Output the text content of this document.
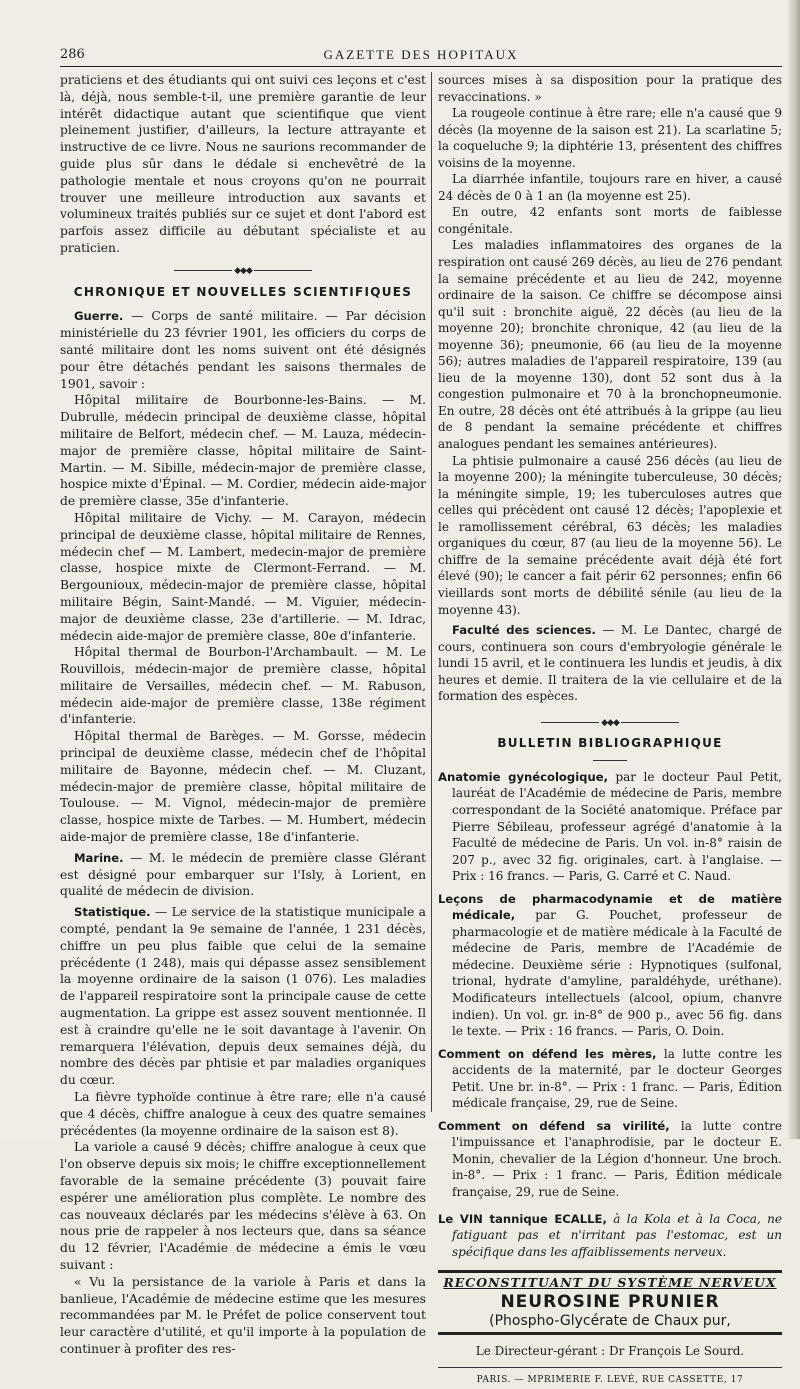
286	GAZETTE DES HOPITAUX

praticiens et des étudiants qui ont suivi ces leçons et c'est là, déjà, nous semble-t-il, une première garantie de leur intérêt didactique autant que scientifique que vient pleinement justifier, d'ailleurs, la lecture attrayante et instructive de ce livre. Nous ne saurions recommander de guide plus sûr dans le dédale si enchevêtré de la pathologie mentale et nous croyons qu'on ne pourrait trouver une meilleure introduction aux savants et volumineux traités publiés sur ce sujet et dont l'abord est parfois assez difficile au débutant spécialiste et au praticien.

◆◆◆
CHRONIQUE ET NOUVELLES SCIENTIFIQUES

Guerre. — Corps de santé militaire. — Par décision ministérielle du 23 février 1901, les officiers du corps de santé militaire dont les noms suivent ont été désignés pour être détachés pendant les saisons thermales de 1901, savoir :

Hôpital militaire de Bourbonne-les-Bains. — M. Dubrulle, médecin principal de deuxième classe, hôpital militaire de Belfort, médecin chef. — M. Lauza, médecin-major de première classe, hôpital militaire de Saint-Martin. — M. Sibille, médecin-major de première classe, hospice mixte d'Épinal. — M. Cordier, médecin aide-major de première classe, 35e d'infanterie.

Hôpital militaire de Vichy. — M. Carayon, médecin principal de deuxième classe, hôpital militaire de Rennes, médecin chef — M. Lambert, medecin-major de première classe, hospice mixte de Clermont-Ferrand. — M. Bergounioux, médecin-major de première classe, hôpital militaire Bégin, Saint-Mandé. — M. Viguier, médecin-major de deuxième classe, 23e d'artillerie. — M. Idrac, médecin aide-major de première classe, 80e d'infanterie.

Hôpital thermal de Bourbon-l'Archambault. — M. Le Rouvillois, médecin-major de première classe, hôpital militaire de Versailles, médecin chef. — M. Rabuson, médecin aide-major de première classe, 138e régiment d'infanterie.

Hôpital thermal de Barèges. — M. Gorsse, médecin principal de deuxième classe, médecin chef de l'hôpital militaire de Bayonne, médecin chef. — M. Cluzant, médecin-major de première classe, hôpital militaire de Toulouse. — M. Vignol, médecin-major de première classe, hospice mixte de Tarbes. — M. Humbert, médecin aide-major de première classe, 18e d'infanterie.

Marine. — M. le médecin de première classe Glérant est désigné pour embarquer sur l'Isly, à Lorient, en qualité de médecin de division.

Statistique. — Le service de la statistique municipale a compté, pendant la 9e semaine de l'année, 1 231 décès, chiffre un peu plus faible que celui de la semaine précédente (1 248), mais qui dépasse assez sensiblement la moyenne ordinaire de la saison (1 076). Les maladies de l'appareil respiratoire sont la principale cause de cette augmentation. La grippe est assez souvent mentionnée. Il est à craindre qu'elle ne le soit davantage à l'avenir. On remarquera l'élévation, depuis deux semaines déjà, du nombre des décès par phtisie et par maladies organiques du cœur.

La fièvre typhoïde continue à être rare; elle n'a causé que 4 décès, chiffre analogue à ceux des quatre semaines précédentes (la moyenne ordinaire de la saison est 8).

La variole a causé 9 décès; chiffre analogue à ceux que l'on observe depuis six mois; le chiffre exceptionnellement favorable de la semaine précédente (3) pouvait faire espérer une amélioration plus complète. Le nombre des cas nouveaux déclarés par les médecins s'élève à 63. On nous prie de rappeler à nos lecteurs que, dans sa séance du 12 février, l'Académie de médecine a émis le vœu suivant :

« Vu la persistance de la variole à Paris et dans la banlieue, l'Académie de médecine estime que les mesures recommandées par M. le Préfet de police conservent tout leur caractère d'utilité, et qu'il importe à la population de continuer à profiter des res-

sources mises à sa disposition pour la pratique des revaccinations. »

La rougeole continue à être rare; elle n'a causé que 9 décès (la moyenne de la saison est 21). La scarlatine 5; la coqueluche 9; la diphtérie 13, présentent des chiffres voisins de la moyenne.

La diarrhée infantile, toujours rare en hiver, a causé 24 décès de 0 à 1 an (la moyenne est 25).

En outre, 42 enfants sont morts de faiblesse congénitale.

Les maladies inflammatoires des organes de la respiration ont causé 269 décès, au lieu de 276 pendant la semaine précédente et au lieu de 242, moyenne ordinaire de la saison. Ce chiffre se décompose ainsi qu'il suit : bronchite aiguë, 22 décès (au lieu de la moyenne 20); bronchite chronique, 42 (au lieu de la moyenne 36); pneumonie, 66 (au lieu de la moyenne 56); autres maladies de l'appareil respiratoire, 139 (au lieu de la moyenne 130), dont 52 sont dus à la congestion pulmonaire et 70 à la bronchopneumonie. En outre, 28 décès ont été attribués à la grippe (au lieu de 8 pendant la semaine précédente et chiffres analogues pendant les semaines antérieures).

La phtisie pulmonaire a causé 256 décès (au lieu de la moyenne 200); la méningite tuberculeuse, 30 décès; la méningite simple, 19; les tuberculoses autres que celles qui précèdent ont causé 12 décès; l'apoplexie et le ramollissement cérébral, 63 décès; les maladies organiques du cœur, 87 (au lieu de la moyenne 56). Le chiffre de la semaine précédente avait déjà été fort élevé (90); le cancer a fait périr 62 personnes; enfin 66 vieillards sont morts de débilité sénile (au lieu de la moyenne 43).

Faculté des sciences. — M. Le Dantec, chargé de cours, continuera son cours d'embryologie générale le lundi 15 avril, et le continuera les lundis et jeudis, à dix heures et demie. Il traitera de la vie cellulaire et de la formation des espèces.

◆◆◆
BULLETIN BIBLIOGRAPHIQUE

Anatomie gynécologique, par le docteur Paul Petit, lauréat de l'Académie de médecine de Paris, membre correspondant de la Société anatomique. Préface par Pierre Sébileau, professeur agrégé d'anatomie à la Faculté de médecine de Paris. Un vol. in-8° raisin de 207 p., avec 32 fig. originales, cart. à l'anglaise. — Prix : 16 francs. — Paris, G. Carré et C. Naud.

Leçons de pharmacodynamie et de matière médicale, par G. Pouchet, professeur de pharmacologie et de matière médicale à la Faculté de médecine de Paris, membre de l'Académie de médecine. Deuxième série : Hypnotiques (sulfonal, trional, hydrate d'amyline, paraldéhyde, uréthane). Modificateurs intellectuels (alcool, opium, chanvre indien). Un vol. gr. in-8° de 900 p., avec 56 fig. dans le texte. — Prix : 16 francs. — Paris, O. Doin.

Comment on défend les mères, la lutte contre les accidents de la maternité, par le docteur Georges Petit. Une br. in-8°. — Prix : 1 franc. — Paris, Édition médicale française, 29, rue de Seine.

Comment on défend sa virilité, la lutte contre l'impuissance et l'anaphrodisie, par le docteur E. Monin, chevalier de la Légion d'honneur. Une broch. in-8°. — Prix : 1 franc. — Paris, Édition médicale française, 29, rue de Seine.

Le VIN tannique ECALLE, à la Kola et à la Coca, ne fatiguant pas et n'irritant pas l'estomac, est un spécifique dans les affaiblissements nerveux.

RECONSTITUANT DU SYSTÈME NERVEUX
NEUROSINE PRUNIER
(Phospho-Glycérate de Chaux pur,
Le Directeur-gérant : Dr François Le Sourd.
PARIS. — MPRIMERIE F. LEVÉ, RUE CASSETTE, 17
